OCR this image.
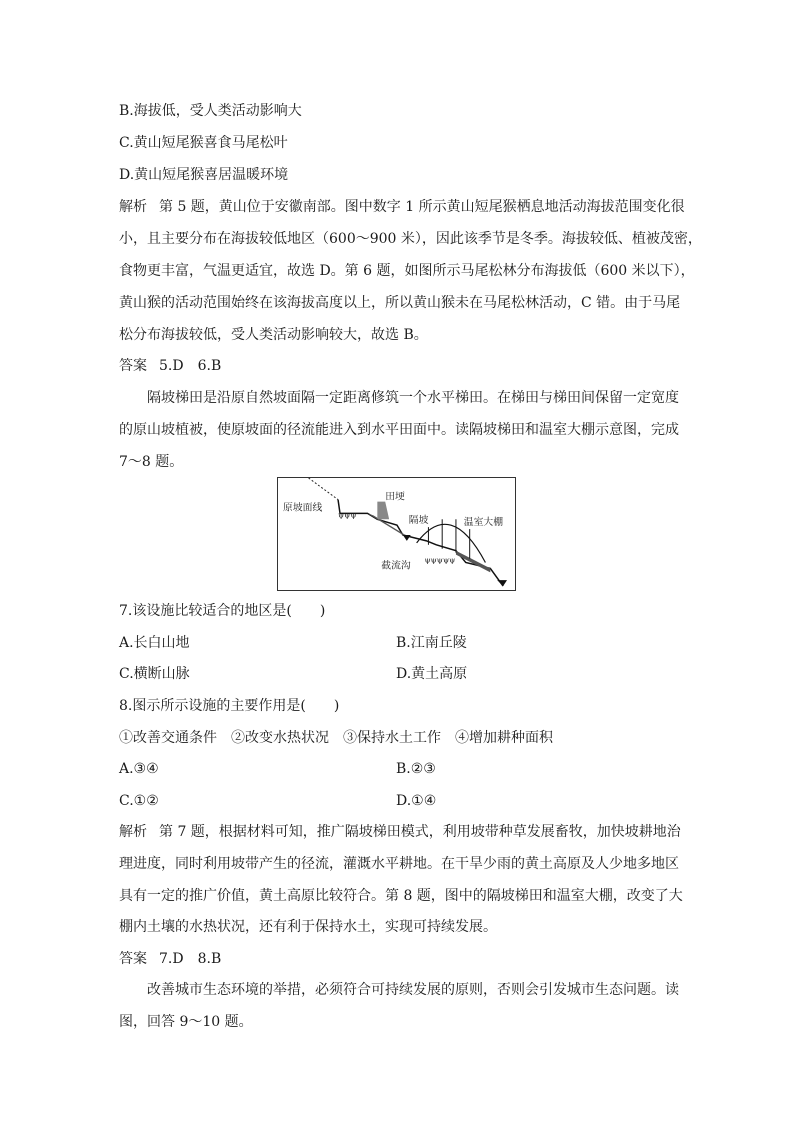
B.海拔低，受人类活动影响大
C.黄山短尾猴喜食马尾松叶
D.黄山短尾猴喜居温暖环境
解析 第 5 题，黄山位于安徽南部。图中数字 1 所示黄山短尾猴栖息地活动海拔范围变化很
小，且主要分布在海拔较低地区（600～900 米），因此该季节是冬季。海拔较低、植被茂密，
食物更丰富，气温更适宜，故选 D。第 6 题，如图所示马尾松林分布海拔低（600 米以下），
黄山猴的活动范围始终在该海拔高度以上，所以黄山猴未在马尾松林活动，C 错。由于马尾
松分布海拔较低，受人类活动影响较大，故选 B。
答案 5.D　6.B
隔坡梯田是沿原自然坡面隔一定距离修筑一个水平梯田。在梯田与梯田间保留一定宽度
的原山坡植被，使原坡面的径流能进入到水平田面中。读隔坡梯田和温室大棚示意图，完成
7～8 题。
ψψψ
ψψψψψ
原坡面线
田埂
隔坡	温室大棚
截流沟
7.该设施比较适合的地区是(　　)
A.长白山地	B.江南丘陵
C.横断山脉	D.黄土高原
8.图示所示设施的主要作用是(　　)
①改善交通条件　②改变水热状况　③保持水土工作　④增加耕种面积
A.③④	B.②③
C.①②	D.①④
解析 第 7 题，根据材料可知，推广隔坡梯田模式，利用坡带种草发展畜牧，加快坡耕地治
理进度，同时利用坡带产生的径流，灌溉水平耕地。在干旱少雨的黄土高原及人少地多地区
具有一定的推广价值，黄土高原比较符合。第 8 题，图中的隔坡梯田和温室大棚，改变了大
棚内土壤的水热状况，还有利于保持水土，实现可持续发展。
答案 7.D　8.B
改善城市生态环境的举措，必须符合可持续发展的原则，否则会引发城市生态问题。读
图，回答 9～10 题。
